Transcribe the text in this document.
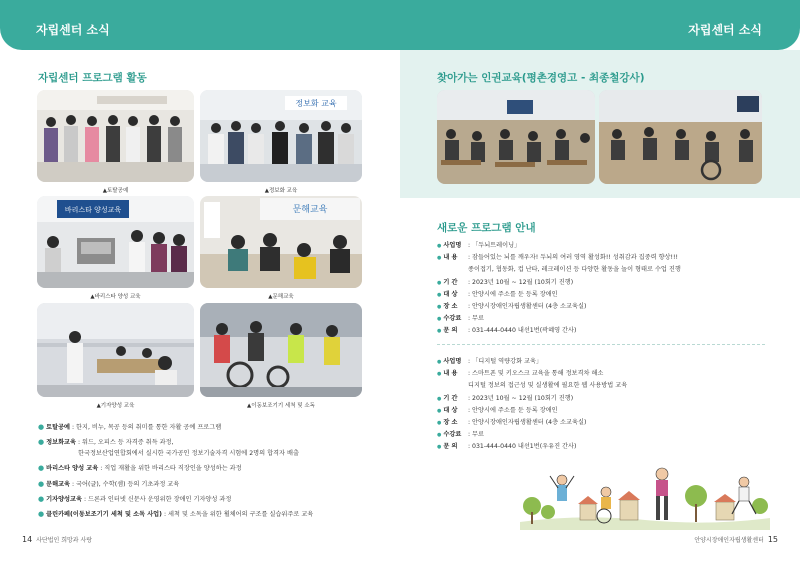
자립센터 소식	자립센터 소식
자립센터 프로그램 활동
▲토탈공예
정보화 교육
▲정보화 교육
바리스타 양성교육
▲바리스타 양성 교육
문해교육
▲문해교육
▲기자양성 교육	▲이동보조기기 세척 및 소독
● 토탈공예 : 한지, 비누, 목공 등의 취미를 통한 자활 공예 프로그램
● 정보화교육 : 워드, 오피스 등 자격증 취득 과정,
한국정보산업연합회에서 실시한 국가공인 정보기술자격 시험에 2명의 합격자 배출
● 바리스타 양성 교육 : 직업 재활을 위한 바리스타 직장인을 양성하는 과정
● 문해교육 : 국어(글), 수학(셈) 등의 기초과정 교육
● 기자양성교육 : 드론과 인터넷 신문사 운영위한 장애인 기자양성 과정
● 클린카페(이동보조기기 세척 및 소독 사업) : 세척 및 소독을 위한 휠체어의 구조를 실습위주로 교육
14 사단법인 희망과 사랑
찾아가는 인권교육(평촌경영고 - 최종철강사)
새로운 프로그램 안내
● 사업명	: 「두뇌트레이닝」
● 내 용	: 잠들어있는 뇌를 깨우자! 두뇌의 여러 영역 활성화!! 성취감과 집중력 향상!!!
종이접기, 협동화, 컵 난타, 레크레이션 등 다양한 활동을 놀이 형태로 수업 진행
● 기 간	: 2023년 10월 ~ 12월 (10회기 진행)
● 대 상	: 안양시에 주소를 둔 등록 장애인
● 장 소	: 안양시장애인자립생활센터 (4층 소교육실)
● 수강료	: 무료
● 문 의	: 031-444-0440 내선1번(곽혜영 간사)
● 사업명	: 「디지털 역량강화 교육」
● 내 용	: 스마트폰 및 키오스크 교육을 통해 정보격차 해소
디지털 정보의 접근성 및 실생활에 필요한 웹 사용방법 교육
● 기 간	: 2023년 10월 ~ 12월 (10회기 진행)
● 대 상	: 안양시에 주소를 둔 등록 장애인
● 장 소	: 안양시장애인자립생활센터 (4층 소교육실)
● 수강료	: 무료
● 문 의	: 031-444-0440 내선1번(우유진 간사)
안양시장애인자립생활센터 15
